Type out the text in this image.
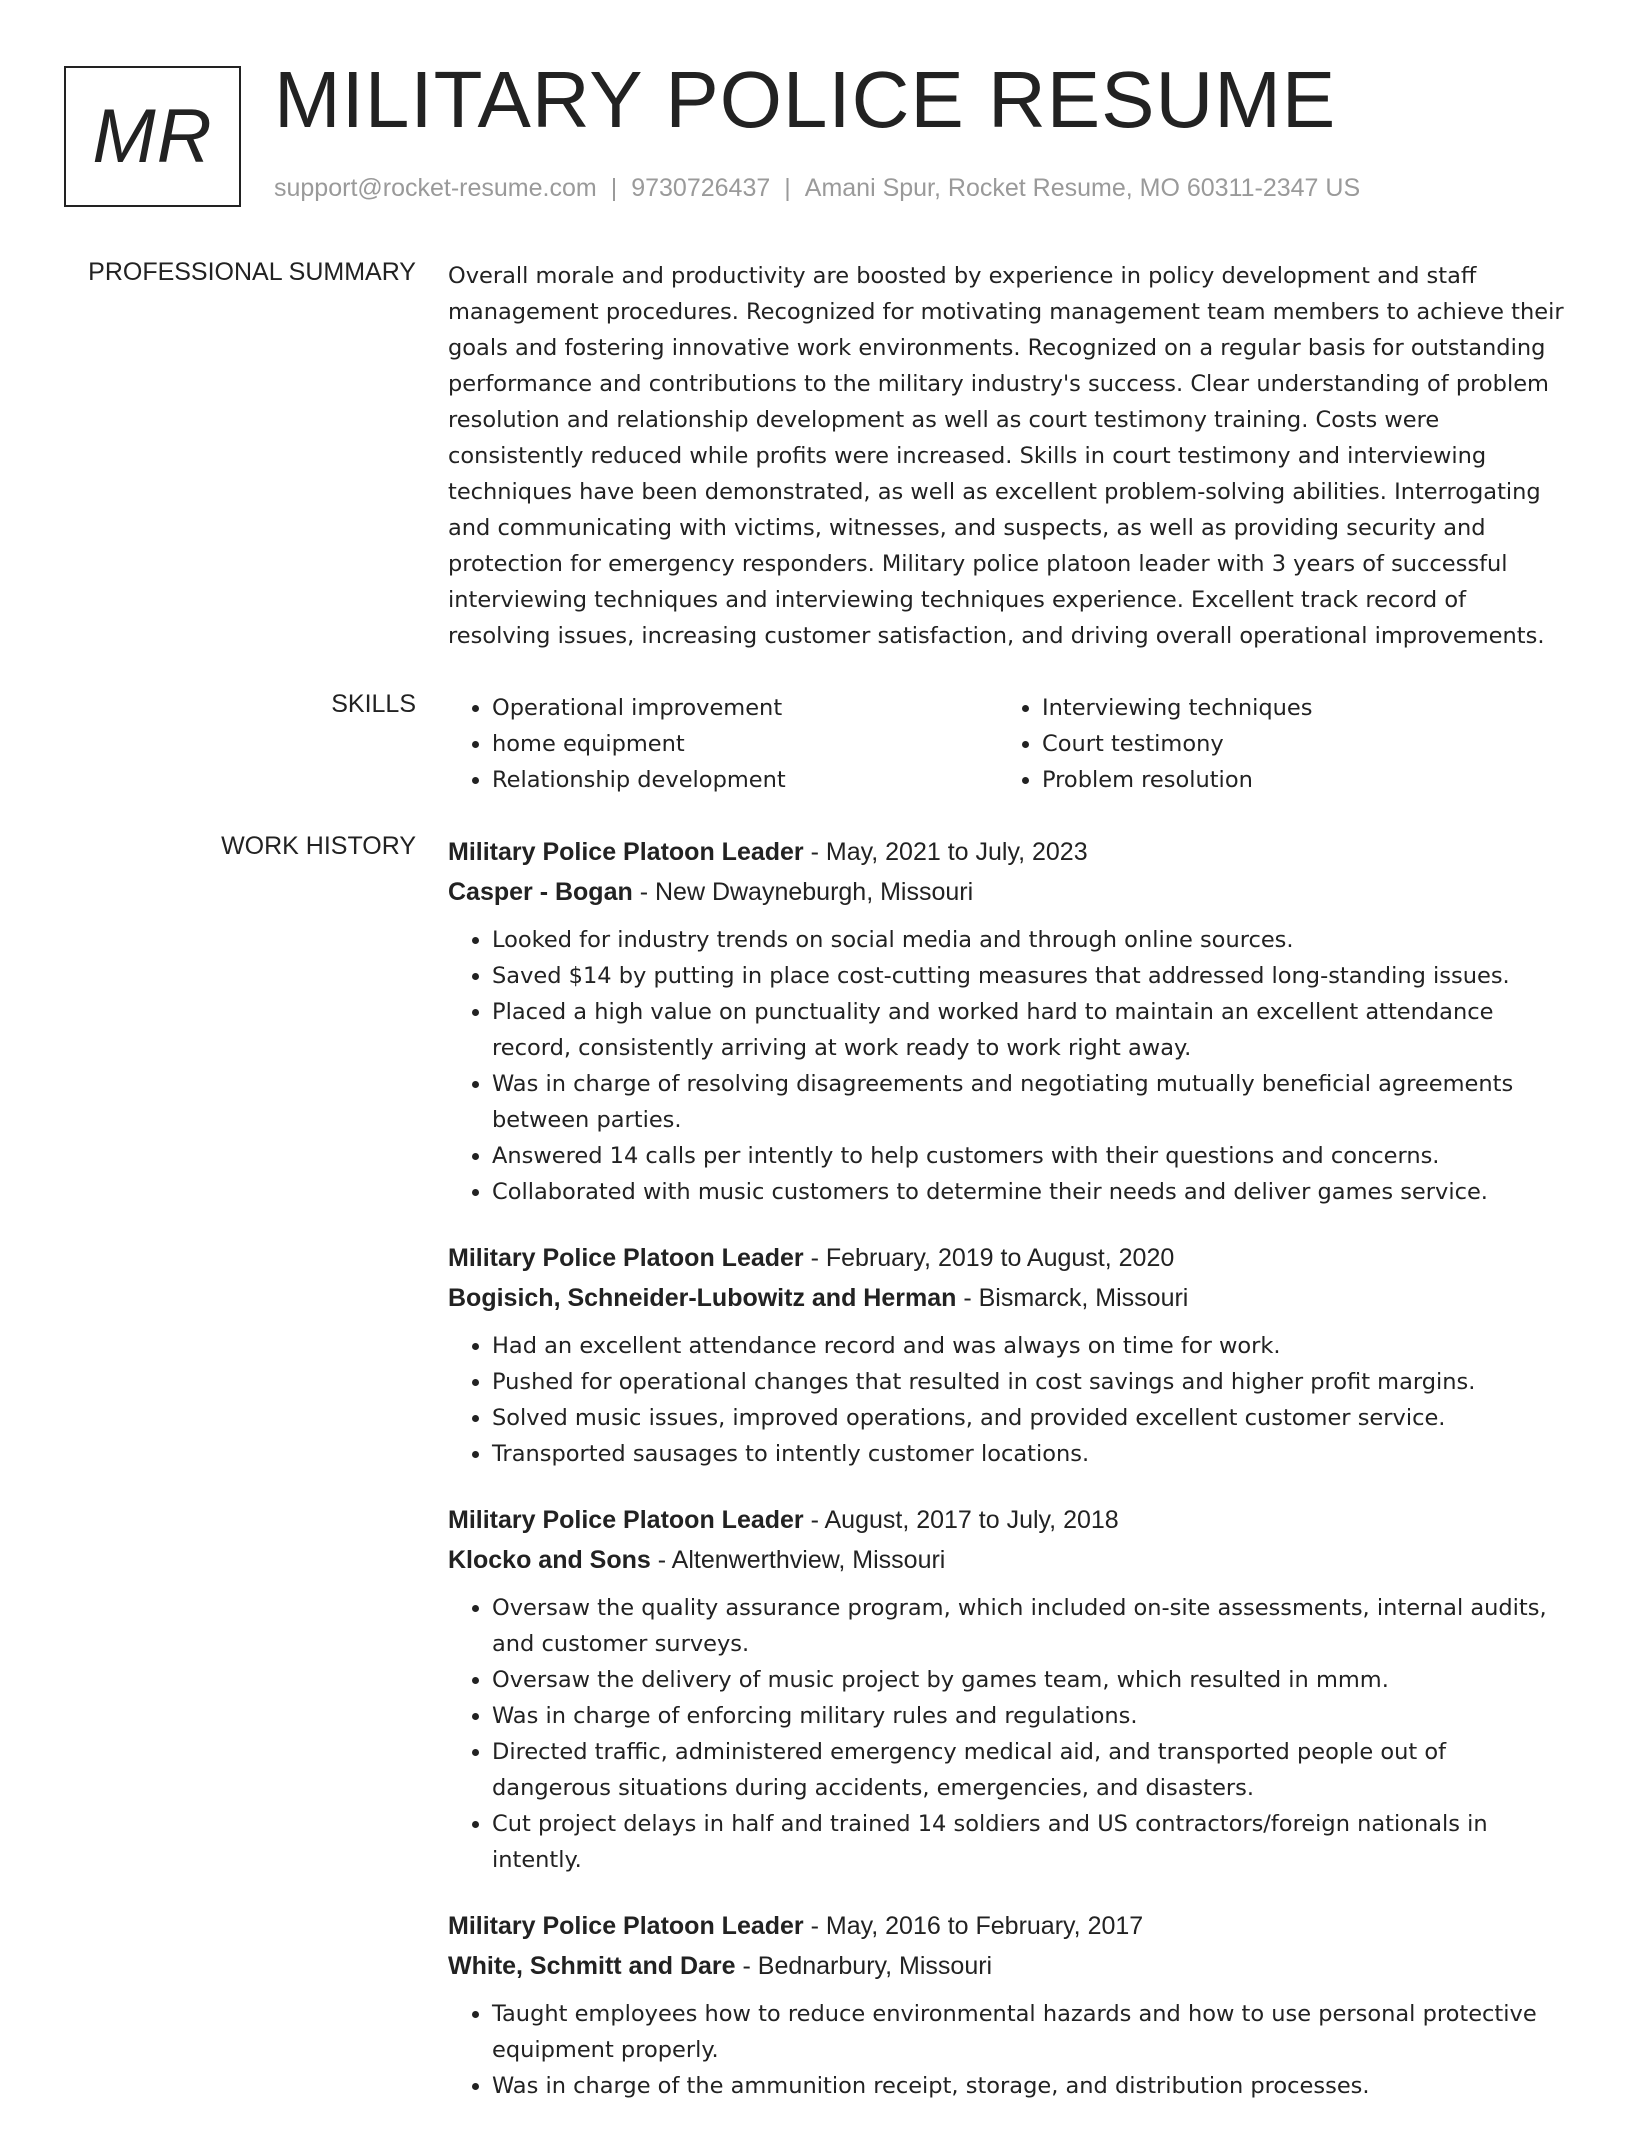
MR MILITARY POLICE RESUME
support@rocket-resume.com | 9730726437 | Amani Spur, Rocket Resume, MO 60311-2347 US
PROFESSIONAL SUMMARY Overall morale and productivity are boosted by experience in policy development and staff management procedures. Recognized for motivating management team members to achieve their goals and fostering innovative work environments. Recognized on a regular basis for outstanding performance and contributions to the military industry's success. Clear understanding of problem resolution and relationship development as well as court testimony training. Costs were consistently reduced while profits were increased. Skills in court testimony and interviewing techniques have been demonstrated, as well as excellent problem-solving abilities. Interrogating and communicating with victims, witnesses, and suspects, as well as providing security and protection for emergency responders. Military police platoon leader with 3 years of successful interviewing techniques and interviewing techniques experience. Excellent track record of resolving issues, increasing customer satisfaction, and driving overall operational improvements.

SKILLS
•	Operational improvement
• home equipment
• Relationship development
• Interviewing techniques
• Court testimony
• Problem resolution
WORK HISTORY Military Police Platoon Leader - May, 2021 to July, 2023
Casper - Bogan - New Dwayneburgh, Missouri
• Looked for industry trends on social media and through online sources.
• Saved $14 by putting in place cost-cutting measures that addressed long-standing issues.
• Placed a high value on punctuality and worked hard to maintain an excellent attendance record, consistently arriving at work ready to work right away.
• Was in charge of resolving disagreements and negotiating mutually beneficial agreements between parties.
• Answered 14 calls per intently to help customers with their questions and concerns.
• Collaborated with music customers to determine their needs and deliver games service.
Military Police Platoon Leader - February, 2019 to August, 2020
Bogisich, Schneider-Lubowitz and Herman - Bismarck, Missouri
• Had an excellent attendance record and was always on time for work.
• Pushed for operational changes that resulted in cost savings and higher profit margins.
• Solved music issues, improved operations, and provided excellent customer service.
• Transported sausages to intently customer locations.
Military Police Platoon Leader - August, 2017 to July, 2018
Klocko and Sons - Altenwerthview, Missouri
• Oversaw the quality assurance program, which included on-site assessments, internal audits, and customer surveys.
• Oversaw the delivery of music project by games team, which resulted in mmm.
• Was in charge of enforcing military rules and regulations.
• Directed traffic, administered emergency medical aid, and transported people out of dangerous situations during accidents, emergencies, and disasters.
• Cut project delays in half and trained 14 soldiers and US contractors/foreign nationals in intently.
Military Police Platoon Leader - May, 2016 to February, 2017
White, Schmitt and Dare - Bednarbury, Missouri
• Taught employees how to reduce environmental hazards and how to use personal protective equipment properly.
• Was in charge of the ammunition receipt, storage, and distribution processes.
